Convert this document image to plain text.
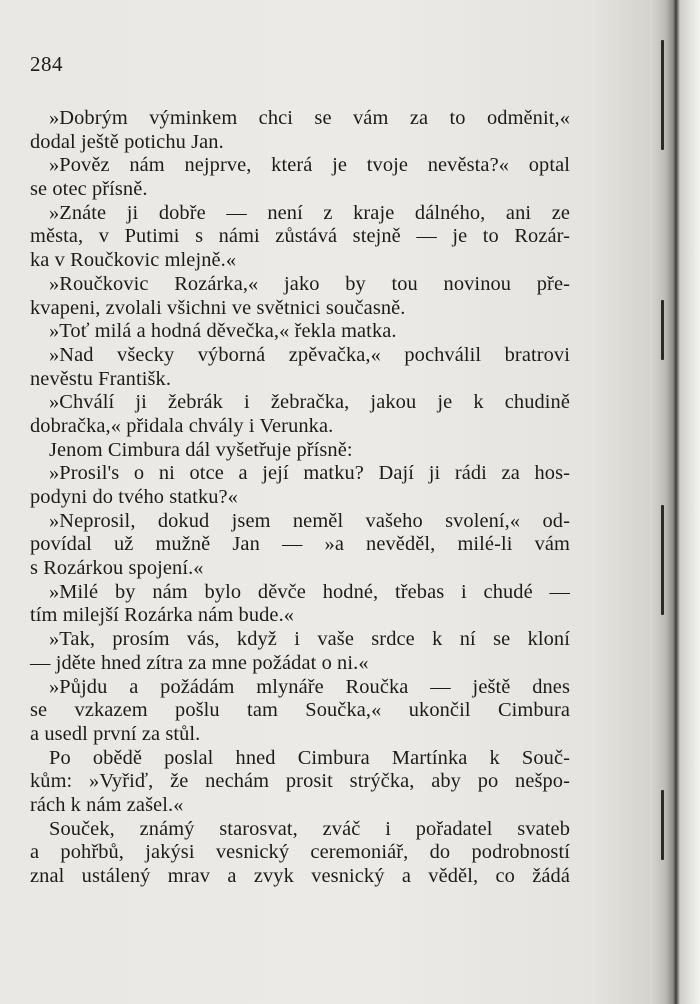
284
»Dobrým výminkem chci se vám za to odměnit,«
dodal ještě potichu Jan.
»Pověz nám nejprve, která je tvoje nevěsta?« optal
se otec přísně.
»Znáte ji dobře — není z kraje dálného, ani ze
města, v Putimi s námi zůstává stejně — je to Rozár-
ka v Roučkovic mlejně.«
»Roučkovic Rozárka,« jako by tou novinou pře-
kvapeni, zvolali všichni ve světnici současně.
»Toť milá a hodná děvečka,« řekla matka.
»Nad všecky výborná zpěvačka,« pochválil bratrovi
nevěstu Františk.
»Chválí ji žebrák i žebračka, jakou je k chudině
dobračka,« přidala chvály i Verunka.
Jenom Cimbura dál vyšetřuje přísně:
»Prosil's o ni otce a její matku? Dají ji rádi za hos-
podyni do tvého statku?«
»Neprosil, dokud jsem neměl vašeho svolení,« od-
povídal už mužně Jan — »a nevěděl, milé-li vám
s Rozárkou spojení.«
»Milé by nám bylo děvče hodné, třebas i chudé —
tím milejší Rozárka nám bude.«
»Tak, prosím vás, když i vaše srdce k ní se kloní
— jděte hned zítra za mne požádat o ni.«
»Půjdu a požádám mlynáře Roučka — ještě dnes
se vzkazem pošlu tam Součka,« ukončil Cimbura
a usedl první za stůl.
Po obědě poslal hned Cimbura Martínka k Souč-
kům: »Vyřiď, že nechám prosit strýčka, aby po nešpo-
rách k nám zašel.«
Souček, známý starosvat, zváč i pořadatel svateb
a pohřbů, jakýsi vesnický ceremoniář, do podrobností
znal ustálený mrav a zvyk vesnický a věděl, co žádá
